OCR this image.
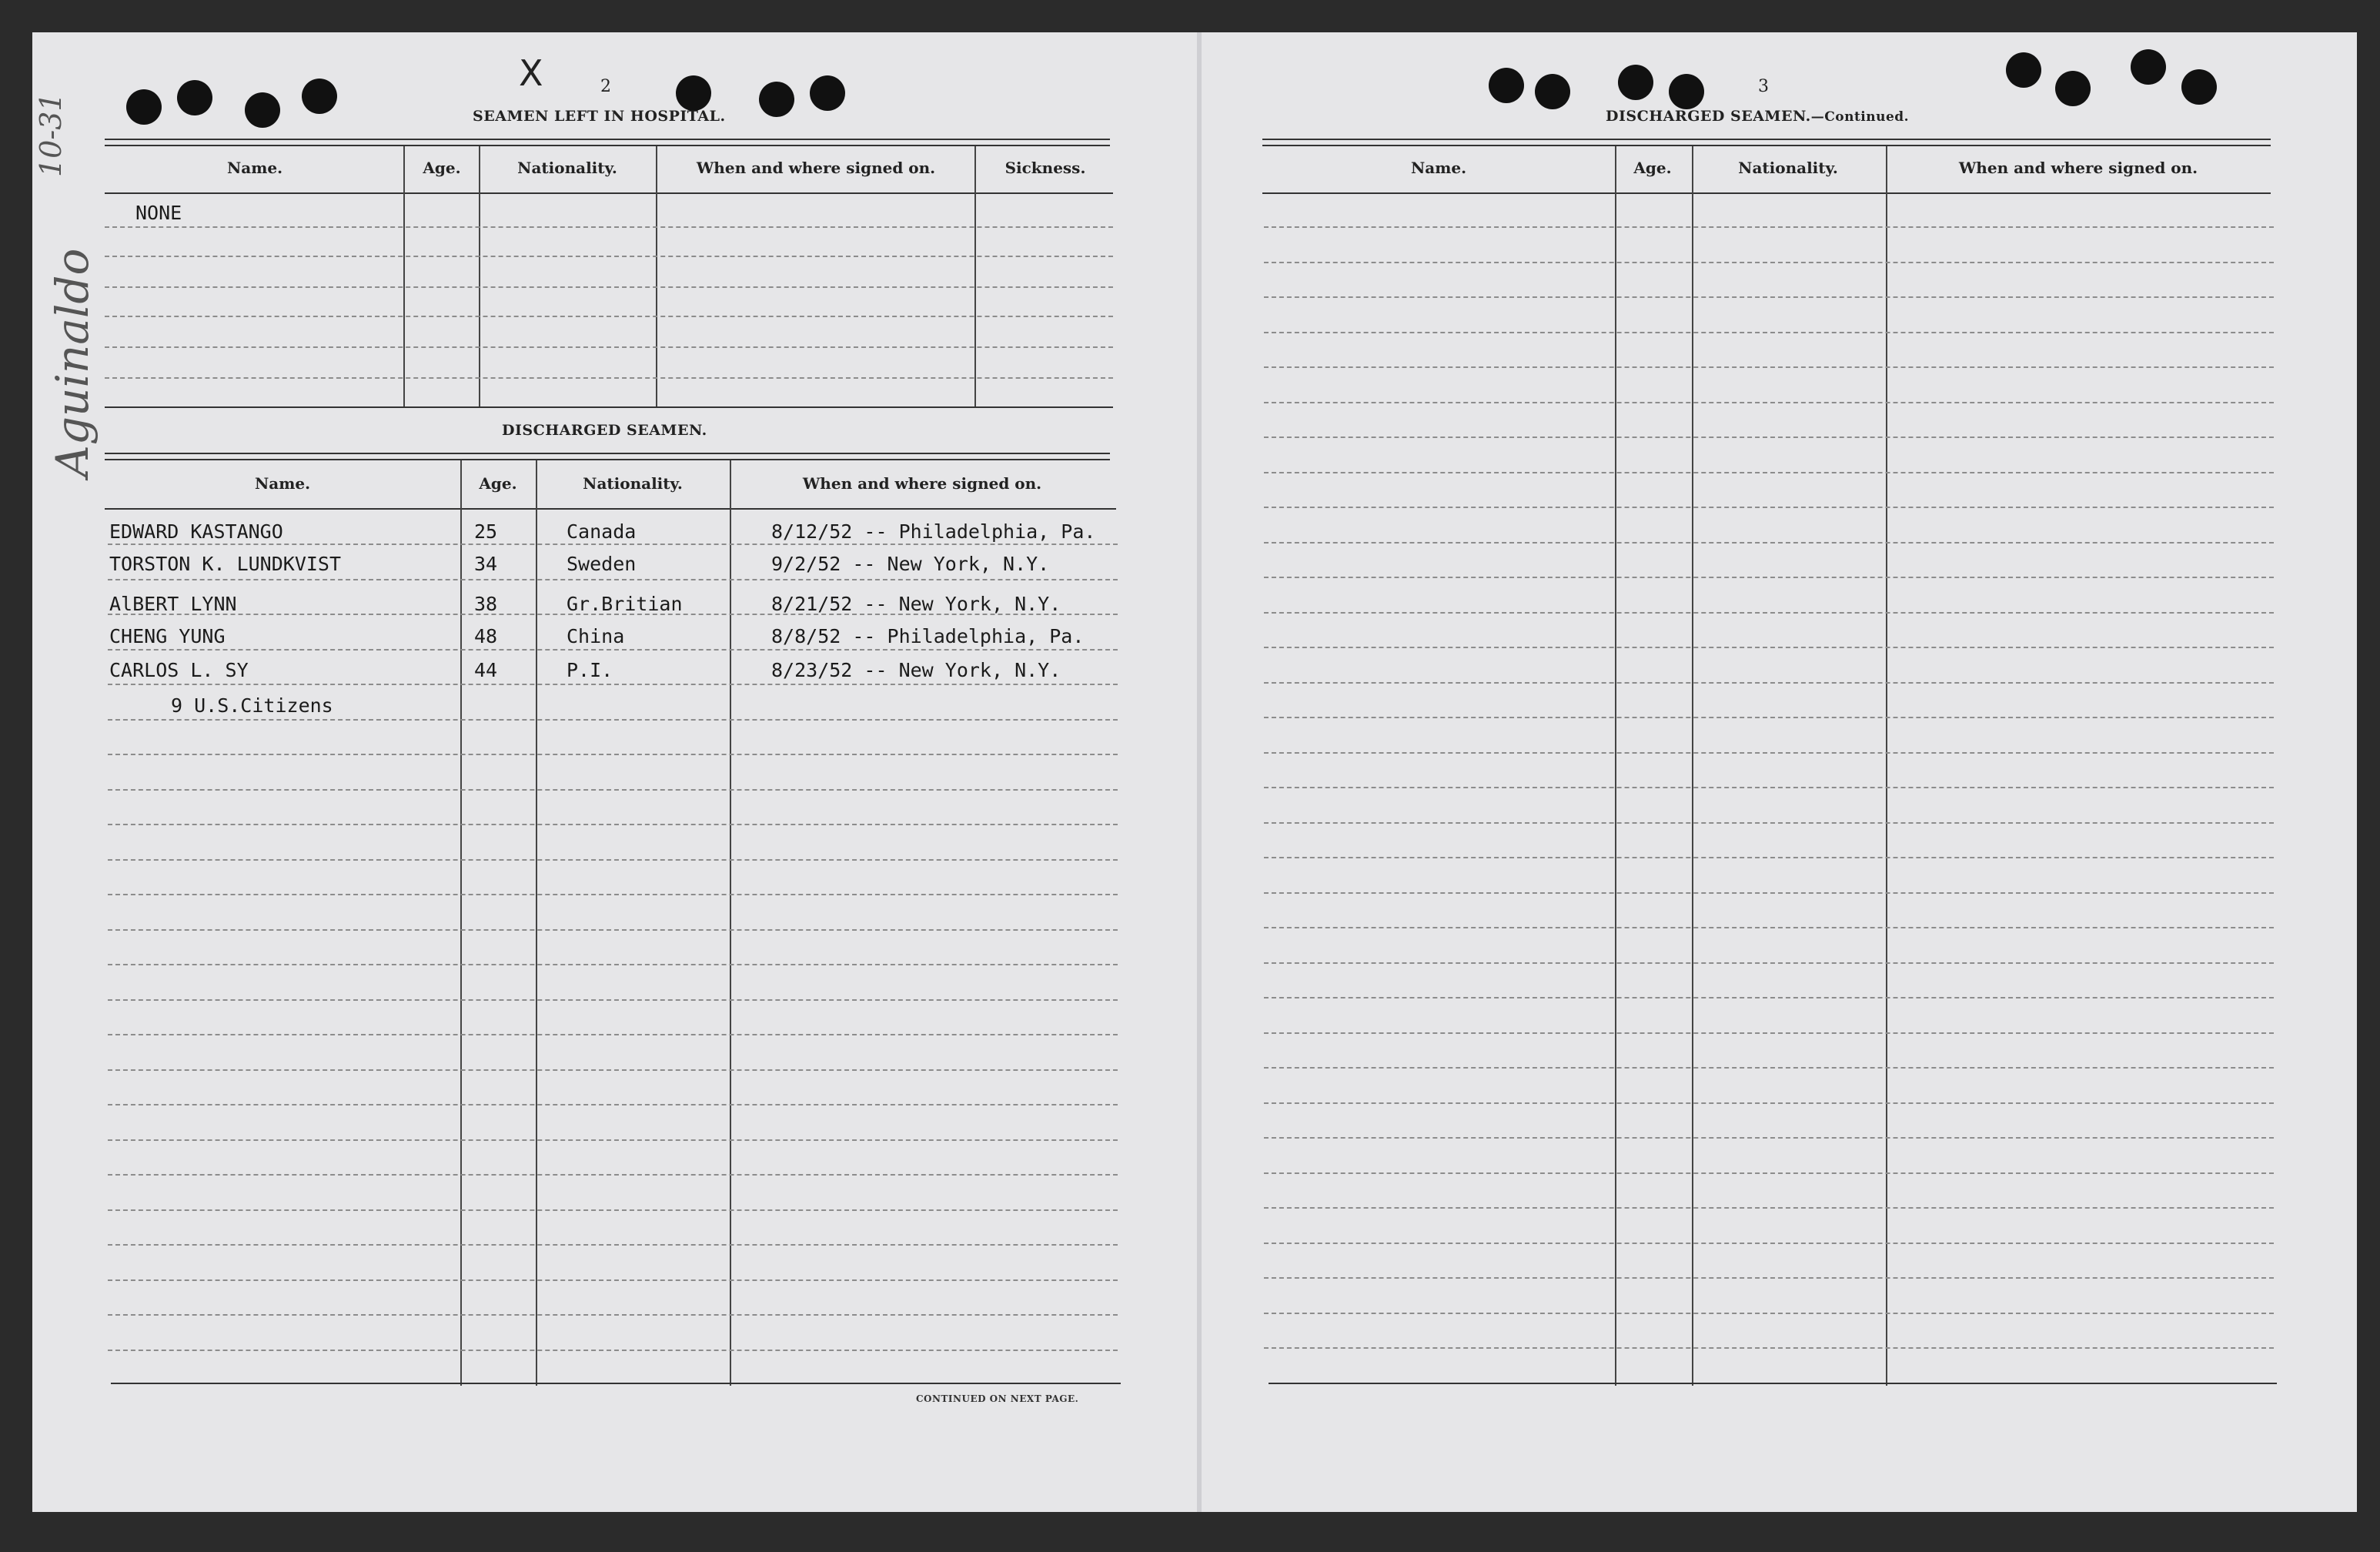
X
10-31
Aguinaldo
2
SEAMEN LEFT IN HOSPITAL.
Name.	Age.	Nationality.	When and where signed on.	Sickness.
NONE
DISCHARGED SEAMEN.
Name.	Age.	Nationality.	When and where signed on.
EDWARD KASTANGO	25	Canada	8/12/52 -- Philadelphia, Pa.
TORSTON K. LUNDKVIST	34	Sweden	9/2/52 -- New York, N.Y.
AlBERT LYNN	38	Gr.Britian	8/21/52 -- New York, N.Y.
CHENG YUNG	48	China	8/8/52 -- Philadelphia, Pa.
CARLOS L. SY	44	P.I.	8/23/52 -- New York, N.Y.
9 U.S.Citizens
CONTINUED ON NEXT PAGE.
3
DISCHARGED SEAMEN.—Continued.
Name.	Age.	Nationality.	When and where signed on.
